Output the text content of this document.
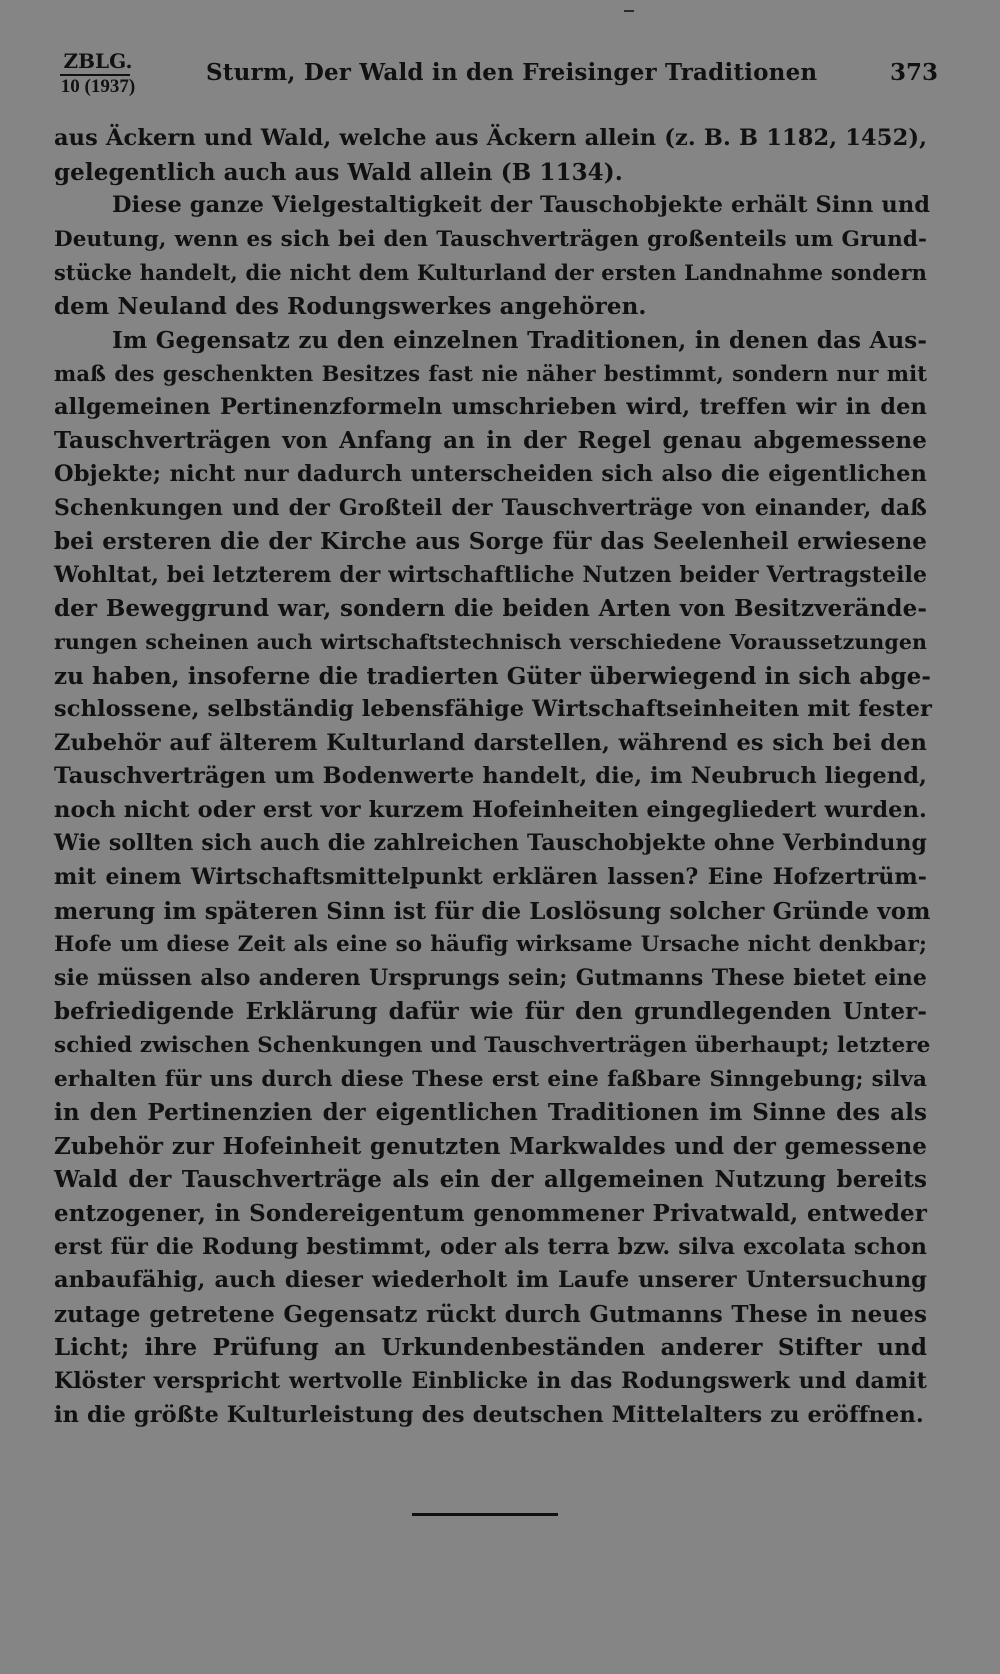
ZBLG.
10 (1937)
Sturm, Der Wald in den Freisinger Traditionen	373
aus Äckern und Wald, welche aus Äckern allein (z. B. B 1182, 1452),
gelegentlich auch aus Wald allein (B 1134).
Diese ganze Vielgestaltigkeit der Tauschobjekte erhält Sinn und
Deutung, wenn es sich bei den Tauschverträgen großenteils um Grund-
stücke handelt, die nicht dem Kulturland der ersten Landnahme sondern
dem Neuland des Rodungswerkes angehören.
Im Gegensatz zu den einzelnen Traditionen, in denen das Aus-
maß des geschenkten Besitzes fast nie näher bestimmt, sondern nur mit
allgemeinen Pertinenzformeln umschrieben wird, treffen wir in den
Tauschverträgen von Anfang an in der Regel genau abgemessene
Objekte; nicht nur dadurch unterscheiden sich also die eigentlichen
Schenkungen und der Großteil der Tauschverträge von einander, daß
bei ersteren die der Kirche aus Sorge für das Seelenheil erwiesene
Wohltat, bei letzterem der wirtschaftliche Nutzen beider Vertragsteile
der Beweggrund war, sondern die beiden Arten von Besitzverände-
rungen scheinen auch wirtschaftstechnisch verschiedene Voraussetzungen
zu haben, insoferne die tradierten Güter überwiegend in sich abge-
schlossene, selbständig lebensfähige Wirtschaftseinheiten mit fester
Zubehör auf älterem Kulturland darstellen, während es sich bei den
Tauschverträgen um Bodenwerte handelt, die, im Neubruch liegend,
noch nicht oder erst vor kurzem Hofeinheiten eingegliedert wurden.
Wie sollten sich auch die zahlreichen Tauschobjekte ohne Verbindung
mit einem Wirtschaftsmittelpunkt erklären lassen? Eine Hofzertrüm-
merung im späteren Sinn ist für die Loslösung solcher Gründe vom
Hofe um diese Zeit als eine so häufig wirksame Ursache nicht denkbar;
sie müssen also anderen Ursprungs sein; Gutmanns These bietet eine
befriedigende Erklärung dafür wie für den grundlegenden Unter-
schied zwischen Schenkungen und Tauschverträgen überhaupt; letztere
erhalten für uns durch diese These erst eine faßbare Sinngebung; silva
in den Pertinenzien der eigentlichen Traditionen im Sinne des als
Zubehör zur Hofeinheit genutzten Markwaldes und der gemessene
Wald der Tauschverträge als ein der allgemeinen Nutzung bereits
entzogener, in Sondereigentum genommener Privatwald, entweder
erst für die Rodung bestimmt, oder als terra bzw. silva excolata schon
anbaufähig, auch dieser wiederholt im Laufe unserer Untersuchung
zutage getretene Gegensatz rückt durch Gutmanns These in neues
Licht; ihre Prüfung an Urkundenbeständen anderer Stifter und
Klöster verspricht wertvolle Einblicke in das Rodungswerk und damit
in die größte Kulturleistung des deutschen Mittelalters zu eröffnen.
